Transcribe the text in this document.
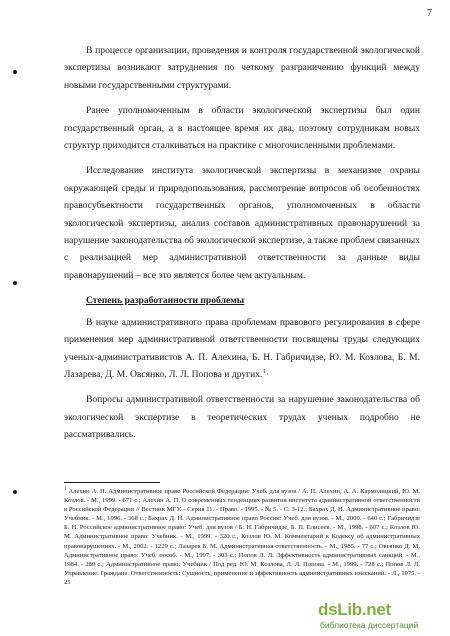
7

В процессе организации, проведения и контроля государственной экологической экспертизы возникают затруднения по четкому разграничению функций между новыми государственными структурами.

Ранее уполномоченным в области экологической экспертизы был один государственный орган, а в настоящее время их два, поэтому сотрудникам новых структур приходится сталкиваться на практике с многочисленными проблемами.

Исследование института экологической экспертизы в механизме охраны окружающей среды и природопользования, рассмотрение вопросов об особенностях правосубъектности государственных органов, уполномоченных в области экологической экспертизы, анализ составов административных правонарушений за нарушение законодательства об экологической экспертизе, а также проблем связанных с реализацией мер административной ответственности за данные виды правонарушений – все это является более чем актуальным.

Степень разработанности проблемы

В науке административного права проблемам правового регулирования в сфере применения мер административной ответственности посвящены труды следующих ученых-административистов А. П. Алехина, Б. Н. Габричидзе, Ю. М. Козлова, Б. М. Лазарева, Д. М. Овсянко, Л. Л. Попова и других.$^1$·

Вопросы административной ответственности за нарушение законодательства об экологической экспертизе в теоретических трудах ученых подробно не рассматривались.

$^1$ Алехин А. П. Административное право Российской Федерации: Учеб. для вузов / А. П. Алехин, А. А. Кармолицкий, Ю. М. Козлов. - М., 1999. - 671 с.; Алехин А. П. О современных тенденциях развития института административной ответственности в Российской Федерации // Вестник МГУ. - Серия 11. - Право. - 1995. - № 5. - С. 3-12.; Бахрах Д. Н. Административное право: Учебник. - М., 1996. - 368 с.; Бахрах Д. Н. Административное право России: Учеб. для вузов. - М., 2000. - 640 с.; Габричидзе Б. Н. Российское административное право: Учеб. для вузов / Б. Н. Габричидзе, Б. П. Елисеев. - М., 1998. - 607 с.; Козлов Ю. М. Административное право: Учебник. - М., 1999. - 320 с., Козлов Ю. М. Комментарий к Кодексу об административных правонарушениях. - М., 2002. - 1229 с.; Лазарев Б. М. Административная ответственность. - М., 1985. - 77 с.; Овсянко Д. М. Административное право: Учеб. пособ. - М., 1997. - 303 с.; Попов Л. Л. Эффективность административных санкций. - М., 1984. - 280 с.; Административное право: Учебник / Под ред. Ю. М. Козлова, Л. Л. Попова. - М., 1999. - 728 с.; Попов Л. Л. Управление. Граждане. Ответственность: Сущность, применение и эффективность административных взысканий. - Л., 1975. - 25
dsLib.net
библиотека диссертаций
